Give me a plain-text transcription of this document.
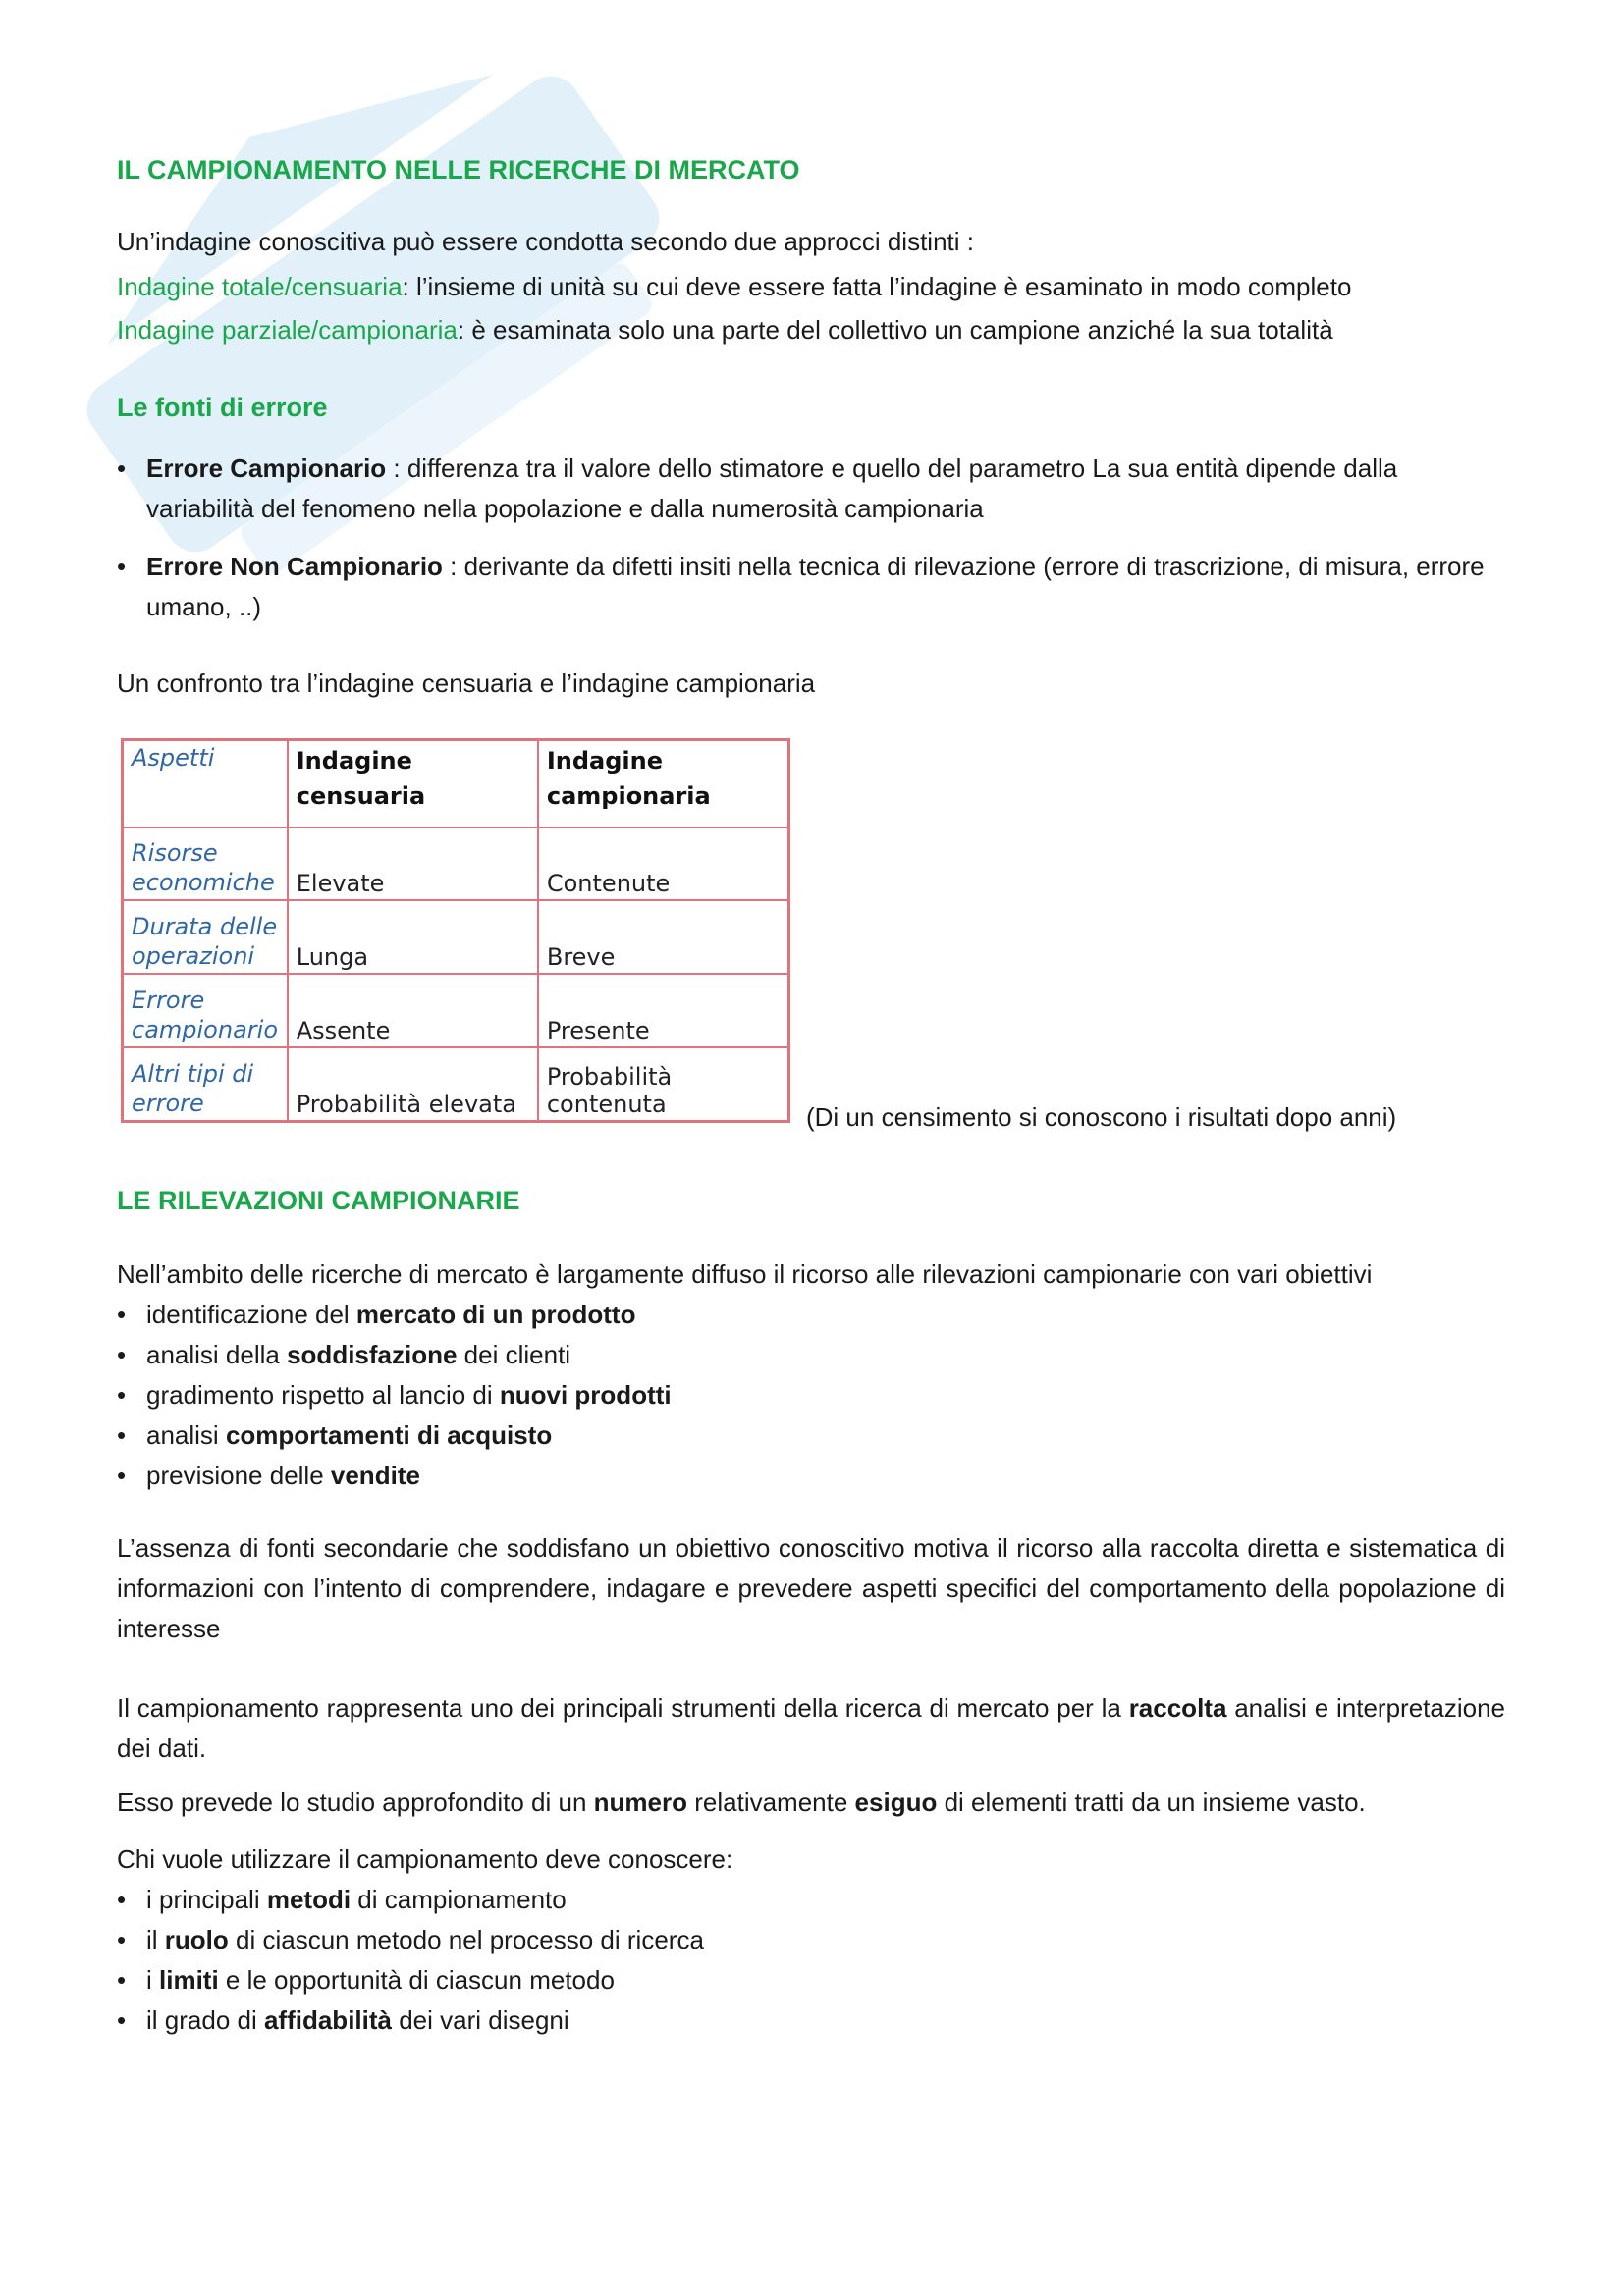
IL CAMPIONAMENTO NELLE RICERCHE DI MERCATO
Un’indagine conoscitiva può essere condotta secondo due approcci distinti :
Indagine totale/censuaria: l’insieme di unità su cui deve essere fatta l’indagine è esaminato in modo completo
Indagine parziale/campionaria: è esaminata solo una parte del collettivo un campione anziché la sua totalità
Le fonti di errore
• Errore Campionario : differenza tra il valore dello stimatore e quello del parametro La sua entità dipende dalla variabilità del fenomeno nella popolazione e dalla numerosità campionaria
• Errore Non Campionario : derivante da difetti insiti nella tecnica di rilevazione (errore di trascrizione, di misura, errore umano, ..)
Un confronto tra l’indagine censuaria e l’indagine campionaria
Aspetti	Indagine censuaria	Indagine campionaria
Risorse economiche	Elevate	Contenute
Durata delle operazioni	Lunga	Breve
Errore campionario	Assente	Presente
Altri tipi di errore	Probabilità elevata	Probabilità contenuta	(Di un censimento si conoscono i risultati dopo anni)
LE RILEVAZIONI CAMPIONARIE
Nell’ambito delle ricerche di mercato è largamente diffuso il ricorso alle rilevazioni campionarie con vari obiettivi
• identificazione del mercato di un prodotto
• analisi della soddisfazione dei clienti
• gradimento rispetto al lancio di nuovi prodotti
• analisi comportamenti di acquisto
• previsione delle vendite
L’assenza di fonti secondarie che soddisfano un obiettivo conoscitivo motiva il ricorso alla raccolta diretta e sistematica di informazioni con l’intento di comprendere, indagare e prevedere aspetti specifici del comportamento della popolazione di interesse
Il campionamento rappresenta uno dei principali strumenti della ricerca di mercato per la raccolta analisi e interpretazione dei dati.
Esso prevede lo studio approfondito di un numero relativamente esiguo di elementi tratti da un insieme vasto.
Chi vuole utilizzare il campionamento deve conoscere:
• i principali metodi di campionamento
• il ruolo di ciascun metodo nel processo di ricerca
• i limiti e le opportunità di ciascun metodo
• il grado di affidabilità dei vari disegni
